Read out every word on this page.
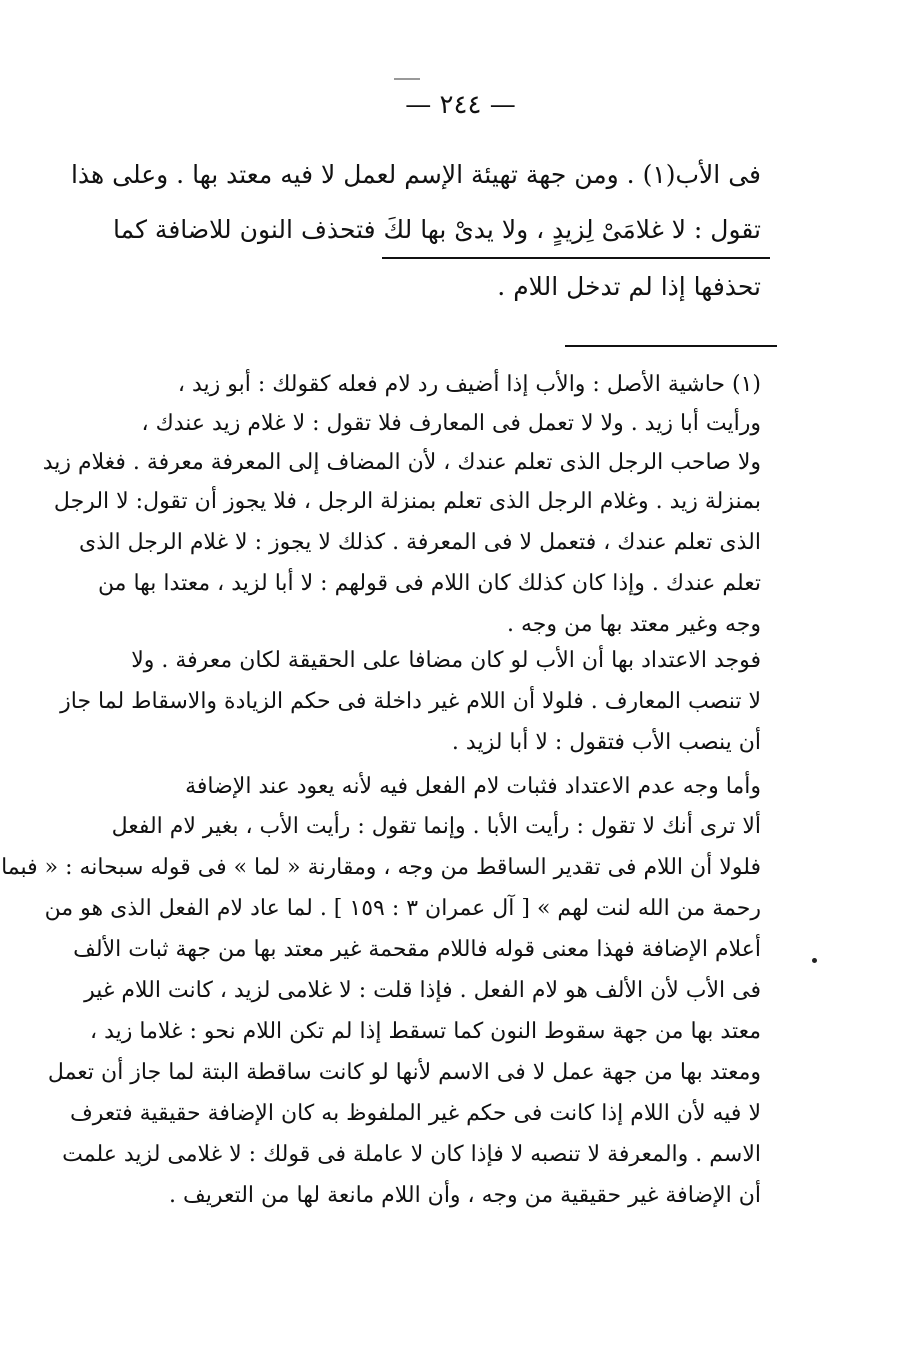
— ٢٤٤ —
فى الأب(١) . ومن جهة تهيئة الإسم لعمل لا فيه معتد بها . وعلى هذا
تقول : لا غلامَىْ لِزيدٍ ، ولا يدىْ بها لكَ فتحذف النون للاضافة كما
تحذفها إذا لم تدخل اللام .
(١) حاشية الأصل : والأب إذا أضيف رد لام فعله كقولك : أبو زيد ،
ورأيت أبا زيد . ولا لا تعمل فى المعارف فلا تقول : لا غلام زيد عندك ،
ولا صاحب الرجل الذى تعلم عندك ، لأن المضاف إلى المعرفة معرفة . فغلام زيد
بمنزلة زيد . وغلام الرجل الذى تعلم بمنزلة الرجل ، فلا يجوز أن تقول: لا الرجل
الذى تعلم عندك ، فتعمل لا فى المعرفة . كذلك لا يجوز : لا غلام الرجل الذى
تعلم عندك . وإذا كان كذلك كان اللام فى قولهم : لا أبا لزيد ، معتدا بها من
وجه وغير معتد بها من وجه .
فوجد الاعتداد بها أن الأب لو كان مضافا على الحقيقة لكان معرفة . ولا
لا تنصب المعارف . فلولا أن اللام غير داخلة فى حكم الزيادة والاسقاط لما جاز
أن ينصب الأب فتقول : لا أبا لزيد .
وأما وجه عدم الاعتداد فثبات لام الفعل فيه لأنه يعود عند الإضافة
ألا ترى أنك لا تقول : رأيت الأبا . وإنما تقول : رأيت الأب ، بغير لام الفعل
فلولا أن اللام فى تقدير الساقط من وجه ، ومقارنة « لما » فى قوله سبحانه : « فبما
رحمة من الله لنت لهم » [ آل عمران ٣ : ١٥٩ ] . لما عاد لام الفعل الذى هو من
أعلام الإضافة فهذا معنى قوله فاللام مقحمة غير معتد بها من جهة ثبات الألف
فى الأب لأن الألف هو لام الفعل . فإذا قلت : لا غلامى لزيد ، كانت اللام غير
معتد بها من جهة سقوط النون كما تسقط إذا لم تكن اللام نحو : غلاما زيد ،
ومعتد بها من جهة عمل لا فى الاسم لأنها لو كانت ساقطة البتة لما جاز أن تعمل
لا فيه لأن اللام إذا كانت فى حكم غير الملفوظ به كان الإضافة حقيقية فتعرف
الاسم . والمعرفة لا تنصبه لا فإذا كان لا عاملة فى قولك : لا غلامى لزيد علمت
أن الإضافة غير حقيقية من وجه ، وأن اللام مانعة لها من التعريف .
